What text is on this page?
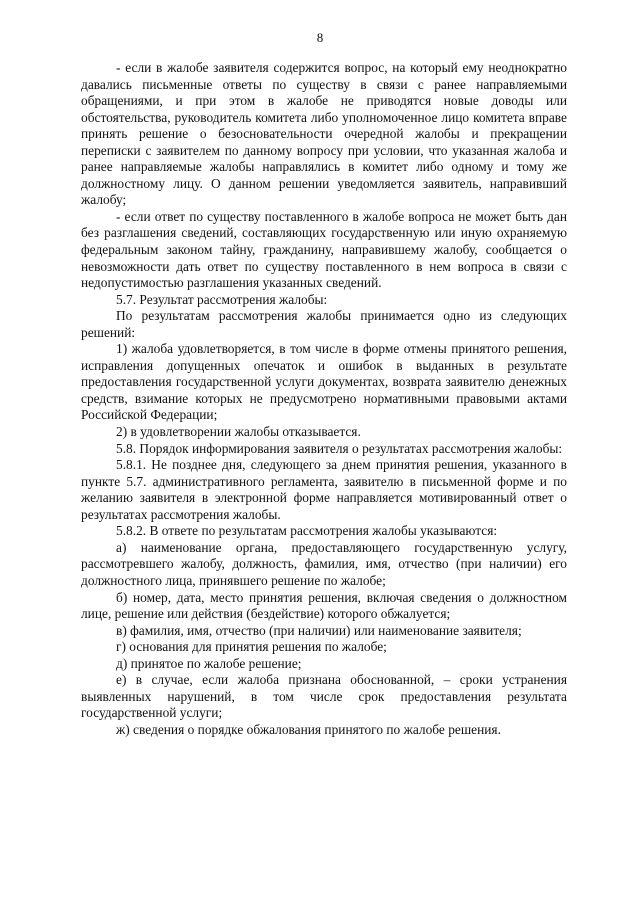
8

- если в жалобе заявителя содержится вопрос, на который ему неоднократно давались письменные ответы по существу в связи с ранее направляемыми обращениями, и при этом в жалобе не приводятся новые доводы или обстоятельства, руководитель комитета либо уполномоченное лицо комитета вправе принять решение о безосновательности очередной жалобы и прекращении переписки с заявителем по данному вопросу при условии, что указанная жалоба и ранее направляемые жалобы направлялись в комитет либо одному и тому же должностному лицу. О данном решении уведомляется заявитель, направивший жалобу;

- если ответ по существу поставленного в жалобе вопроса не может быть дан без разглашения сведений, составляющих государственную или иную охраняемую федеральным законом тайну, гражданину, направившему жалобу, сообщается о невозможности дать ответ по существу поставленного в нем вопроса в связи с недопустимостью разглашения указанных сведений.

5.7. Результат рассмотрения жалобы:

По результатам рассмотрения жалобы принимается одно из следующих решений:

1) жалоба удовлетворяется, в том числе в форме отмены принятого решения, исправления допущенных опечаток и ошибок в выданных в результате предоставления государственной услуги документах, возврата заявителю денежных средств, взимание которых не предусмотрено нормативными правовыми актами Российской Федерации;

2) в удовлетворении жалобы отказывается.

5.8. Порядок информирования заявителя о результатах рассмотрения жалобы:

5.8.1. Не позднее дня, следующего за днем принятия решения, указанного в пункте 5.7. административного регламента, заявителю в письменной форме и по желанию заявителя в электронной форме направляется мотивированный ответ о результатах рассмотрения жалобы.

5.8.2. В ответе по результатам рассмотрения жалобы указываются:

а) наименование органа, предоставляющего государственную услугу, рассмотревшего жалобу, должность, фамилия, имя, отчество (при наличии) его должностного лица, принявшего решение по жалобе;

б) номер, дата, место принятия решения, включая сведения о должностном лице, решение или действия (бездействие) которого обжалуется;

в) фамилия, имя, отчество (при наличии) или наименование заявителя;

г) основания для принятия решения по жалобе;

д) принятое по жалобе решение;

е) в случае, если жалоба признана обоснованной, – сроки устранения выявленных нарушений, в том числе срок предоставления результата государственной услуги;

ж) сведения о порядке обжалования принятого по жалобе решения.
